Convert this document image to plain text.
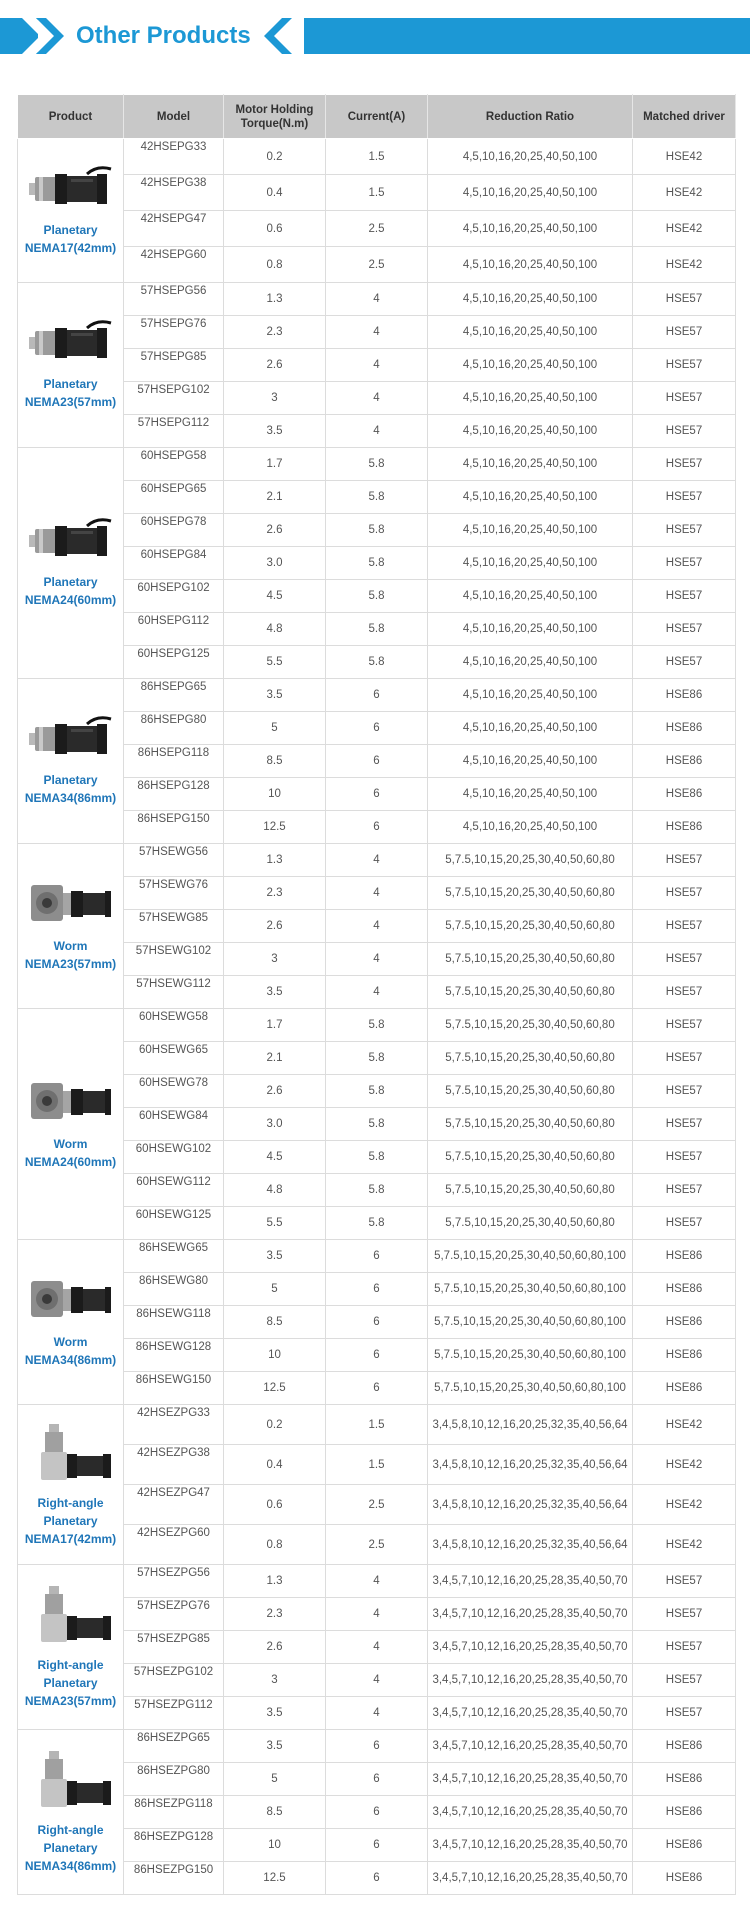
Other Products
Product	Model	Motor Holding Torque(N.m)	Current(A)	Reduction Ratio	Matched driver

Planetary
NEMA17(42mm)	42HSEPG33	0.2	1.5	4,5,10,16,20,25,40,50,100	HSE42
	42HSEPG38	0.4	1.5	4,5,10,16,20,25,40,50,100	HSE42
	42HSEPG47	0.6	2.5	4,5,10,16,20,25,40,50,100	HSE42
	42HSEPG60	0.8	2.5	4,5,10,16,20,25,40,50,100	HSE42

Planetary
NEMA23(57mm)	57HSEPG56	1.3	4	4,5,10,16,20,25,40,50,100	HSE57
	57HSEPG76	2.3	4	4,5,10,16,20,25,40,50,100	HSE57
	57HSEPG85	2.6	4	4,5,10,16,20,25,40,50,100	HSE57
	57HSEPG102	3	4	4,5,10,16,20,25,40,50,100	HSE57
	57HSEPG112	3.5	4	4,5,10,16,20,25,40,50,100	HSE57

Planetary
NEMA24(60mm)	60HSEPG58	1.7	5.8	4,5,10,16,20,25,40,50,100	HSE57
	60HSEPG65	2.1	5.8	4,5,10,16,20,25,40,50,100	HSE57
	60HSEPG78	2.6	5.8	4,5,10,16,20,25,40,50,100	HSE57
	60HSEPG84	3.0	5.8	4,5,10,16,20,25,40,50,100	HSE57
	60HSEPG102	4.5	5.8	4,5,10,16,20,25,40,50,100	HSE57
	60HSEPG112	4.8	5.8	4,5,10,16,20,25,40,50,100	HSE57
	60HSEPG125	5.5	5.8	4,5,10,16,20,25,40,50,100	HSE57

Planetary
NEMA34(86mm)	86HSEPG65	3.5	6	4,5,10,16,20,25,40,50,100	HSE86
	86HSEPG80	5	6	4,5,10,16,20,25,40,50,100	HSE86
	86HSEPG118	8.5	6	4,5,10,16,20,25,40,50,100	HSE86
	86HSEPG128	10	6	4,5,10,16,20,25,40,50,100	HSE86
	86HSEPG150	12.5	6	4,5,10,16,20,25,40,50,100	HSE86

Worm
NEMA23(57mm)	57HSEWG56	1.3	4	5,7.5,10,15,20,25,30,40,50,60,80	HSE57
	57HSEWG76	2.3	4	5,7.5,10,15,20,25,30,40,50,60,80	HSE57
	57HSEWG85	2.6	4	5,7.5,10,15,20,25,30,40,50,60,80	HSE57
	57HSEWG102	3	4	5,7.5,10,15,20,25,30,40,50,60,80	HSE57
	57HSEWG112	3.5	4	5,7.5,10,15,20,25,30,40,50,60,80	HSE57

Worm
NEMA24(60mm)	60HSEWG58	1.7	5.8	5,7.5,10,15,20,25,30,40,50,60,80	HSE57
	60HSEWG65	2.1	5.8	5,7.5,10,15,20,25,30,40,50,60,80	HSE57
	60HSEWG78	2.6	5.8	5,7.5,10,15,20,25,30,40,50,60,80	HSE57
	60HSEWG84	3.0	5.8	5,7.5,10,15,20,25,30,40,50,60,80	HSE57
	60HSEWG102	4.5	5.8	5,7.5,10,15,20,25,30,40,50,60,80	HSE57
	60HSEWG112	4.8	5.8	5,7.5,10,15,20,25,30,40,50,60,80	HSE57
	60HSEWG125	5.5	5.8	5,7.5,10,15,20,25,30,40,50,60,80	HSE57

Worm
NEMA34(86mm)	86HSEWG65	3.5	6	5,7.5,10,15,20,25,30,40,50,60,80,100	HSE86
	86HSEWG80	5	6	5,7.5,10,15,20,25,30,40,50,60,80,100	HSE86
	86HSEWG118	8.5	6	5,7.5,10,15,20,25,30,40,50,60,80,100	HSE86
	86HSEWG128	10	6	5,7.5,10,15,20,25,30,40,50,60,80,100	HSE86
	86HSEWG150	12.5	6	5,7.5,10,15,20,25,30,40,50,60,80,100	HSE86

Right-angle
Planetary
NEMA17(42mm)	42HSEZPG33	0.2	1.5	3,4,5,8,10,12,16,20,25,32,35,40,56,64	HSE42
	42HSEZPG38	0.4	1.5	3,4,5,8,10,12,16,20,25,32,35,40,56,64	HSE42
	42HSEZPG47	0.6	2.5	3,4,5,8,10,12,16,20,25,32,35,40,56,64	HSE42
	42HSEZPG60	0.8	2.5	3,4,5,8,10,12,16,20,25,32,35,40,56,64	HSE42

Right-angle
Planetary
NEMA23(57mm)	57HSEZPG56	1.3	4	3,4,5,7,10,12,16,20,25,28,35,40,50,70	HSE57
	57HSEZPG76	2.3	4	3,4,5,7,10,12,16,20,25,28,35,40,50,70	HSE57
	57HSEZPG85	2.6	4	3,4,5,7,10,12,16,20,25,28,35,40,50,70	HSE57
	57HSEZPG102	3	4	3,4,5,7,10,12,16,20,25,28,35,40,50,70	HSE57
	57HSEZPG112	3.5	4	3,4,5,7,10,12,16,20,25,28,35,40,50,70	HSE57

Right-angle
Planetary
NEMA34(86mm)	86HSEZPG65	3.5	6	3,4,5,7,10,12,16,20,25,28,35,40,50,70	HSE86
	86HSEZPG80	5	6	3,4,5,7,10,12,16,20,25,28,35,40,50,70	HSE86
	86HSEZPG118	8.5	6	3,4,5,7,10,12,16,20,25,28,35,40,50,70	HSE86
	86HSEZPG128	10	6	3,4,5,7,10,12,16,20,25,28,35,40,50,70	HSE86
	86HSEZPG150	12.5	6	3,4,5,7,10,12,16,20,25,28,35,40,50,70	HSE86
